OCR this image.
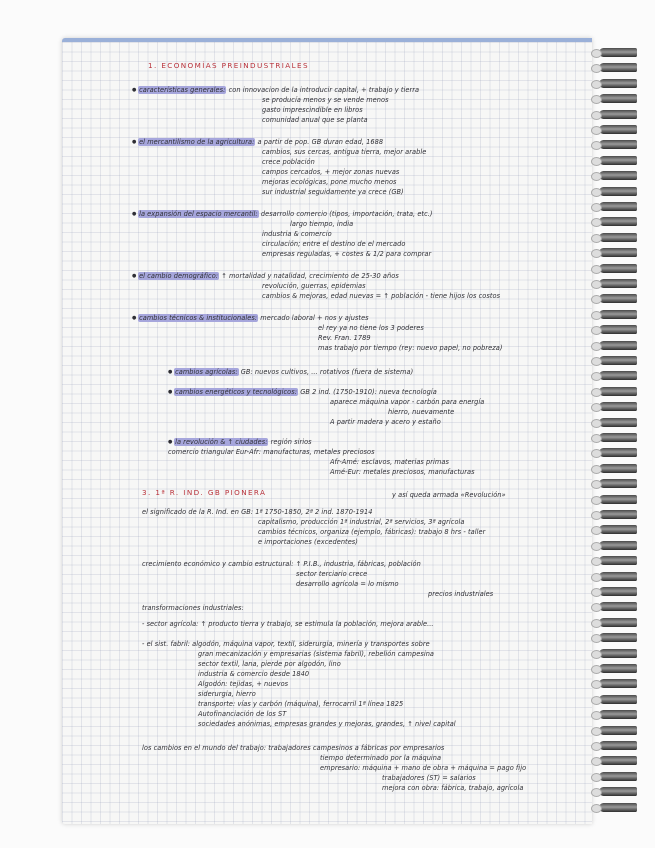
1. ECONOMÍAS PREINDUSTRIALES
● características generales: con innovacion de la introducir capital, + trabajo y tierra
se producía menos y se vende menos
gasto imprescindible en libros
comunidad anual que se planta
● el mercantilismo de la agricultura: a partir de pop. GB duran edad, 1688
cambios, sus cercas, antigua tierra, mejor arable
crece población
campos cercados, + mejor zonas nuevas
mejoras ecológicas, pone mucho menos
sur industrial seguidamente ya crece (GB)
● la expansión del espacio mercantil: desarrollo comercio (tipos, importación, trata, etc.)
largo tiempo, india
industria & comercio
circulación; entre el destino de el mercado
empresas reguladas, + costes & 1/2 para comprar
● el cambio demográfico: ↑ mortalidad y natalidad, crecimiento de 25-30 años
revolución, guerras, epidemias
cambios & mejoras, edad nuevas = ↑ población - tiene hijos los costos
● cambios técnicos & institucionales: mercado laboral + nos y ajustes
el rey ya no tiene los 3 poderes
Rev. Fran. 1789
mas trabajo por tiempo (rey: nuevo papel, no pobreza)
● cambios agrícolas: GB: nuevos cultivos, ... rotativos (fuera de sistema)
● cambios energéticos y tecnológicos: GB 2 ind. (1750-1910): nueva tecnología
aparece máquina vapor - carbón para energía
hierro, nuevamente
A partir madera y acero y estaño
● la revolución & ↑ ciudades: región sirios
comercio triangular Eur-Afr: manufacturas, metales preciosos
Afr-Amé: esclavos, materias primas
Amé-Eur: metales preciosos, manufacturas
y así queda armada «Revolución»
el significado de la R. Ind. en GB: 1ª 1750-1850, 2ª 2 ind. 1870-1914
capitalismo, producción 1ª industrial, 2ª servicios, 3ª agrícola
cambios técnicos, organiza (ejemplo, fábricas): trabajo 8 hrs - taller
e importaciones (excedentes)
crecimiento económico y cambio estructural: ↑ P.I.B., industria, fábricas, población
sector terciario crece
desarrollo agrícola = lo mismo
precios industriales
transformaciones industriales:
- sector agrícola: ↑ producto tierra y trabajo, se estimula la población, mejora arable...
- el sist. fabril: algodón, máquina vapor, textil, siderurgia, minería y transportes sobre
gran mecanización y empresarias (sistema fabril), rebelión campesina
sector textil, lana, pierde por algodón, lino
industria & comercio desde 1840
Algodón: tejidas, + nuevos
siderurgia, hierro
transporte: vías y carbón (máquina), ferrocarril 1ª línea 1825
Autofinanciación de los ST
sociedades anónimas, empresas grandes y mejoras, grandes, ↑ nivel capital
los cambios en el mundo del trabajo: trabajadores campesinos a fábricas por empresarios
tiempo determinado por la máquina
empresario: máquina + mano de obra + máquina = pago fijo
trabajadores (ST) = salarios
mejora con obra: fábrica, trabajo, agrícola
3. 1ª R. IND. GB PIONERA
